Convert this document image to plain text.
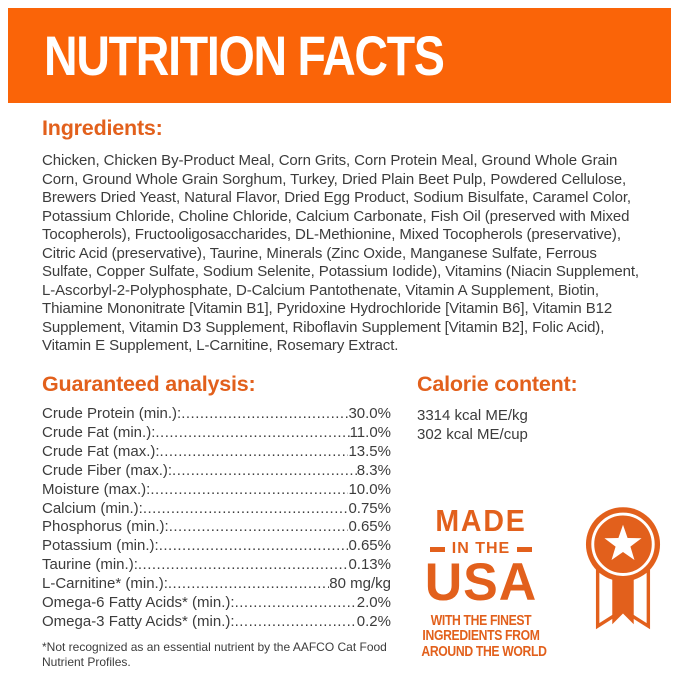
NUTRITION FACTS
Ingredients:

Chicken, Chicken By-Product Meal, Corn Grits, Corn Protein Meal, Ground Whole Grain Corn, Ground Whole Grain Sorghum, Turkey, Dried Plain Beet Pulp, Powdered Cellulose, Brewers Dried Yeast, Natural Flavor, Dried Egg Product, Sodium Bisulfate, Caramel Color, Potassium Chloride, Choline Chloride, Calcium Carbonate, Fish Oil (preserved with Mixed Tocopherols), Fructooligosaccharides, DL-Methionine, Mixed Tocopherols (preservative), Citric Acid (preservative), Taurine, Minerals (Zinc Oxide, Manganese Sulfate, Ferrous Sulfate, Copper Sulfate, Sodium Selenite, Potassium Iodide), Vitamins (Niacin Supplement, L-Ascorbyl-2-Polyphosphate, D-Calcium Pantothenate, Vitamin A Supplement, Biotin, Thiamine Mononitrate [Vitamin B1], Pyridoxine Hydrochloride [Vitamin B6], Vitamin B12 Supplement, Vitamin D3 Supplement, Riboflavin Supplement [Vitamin B2], Folic Acid), Vitamin E Supplement, L-Carnitine, Rosemary Extract.

Guaranteed analysis:
Crude Protein (min.): .....	30.0%
Crude Fat (min.): .....	11.0%
Crude Fat (max.): .....	13.5%
Crude Fiber (max.): .....	8.3%
Moisture (max.): .....	10.0%
Calcium (min.): .....	0.75%
Phosphorus (min.): .....	0.65%
Potassium (min.): .....	0.65%
Taurine (min.): .....	0.13%
L-Carnitine* (min.): .....	80 mg/kg
Omega-6 Fatty Acids* (min.): .....	2.0%
Omega-3 Fatty Acids* (min.): .....	0.2%

*Not recognized as an essential nutrient by the AAFCO Cat Food Nutrient Profiles.

Calorie content:
3314 kcal ME/kg
302 kcal ME/cup
MADE
IN THE
USA
WITH THE FINEST
INGREDIENTS FROM
AROUND THE WORLD
